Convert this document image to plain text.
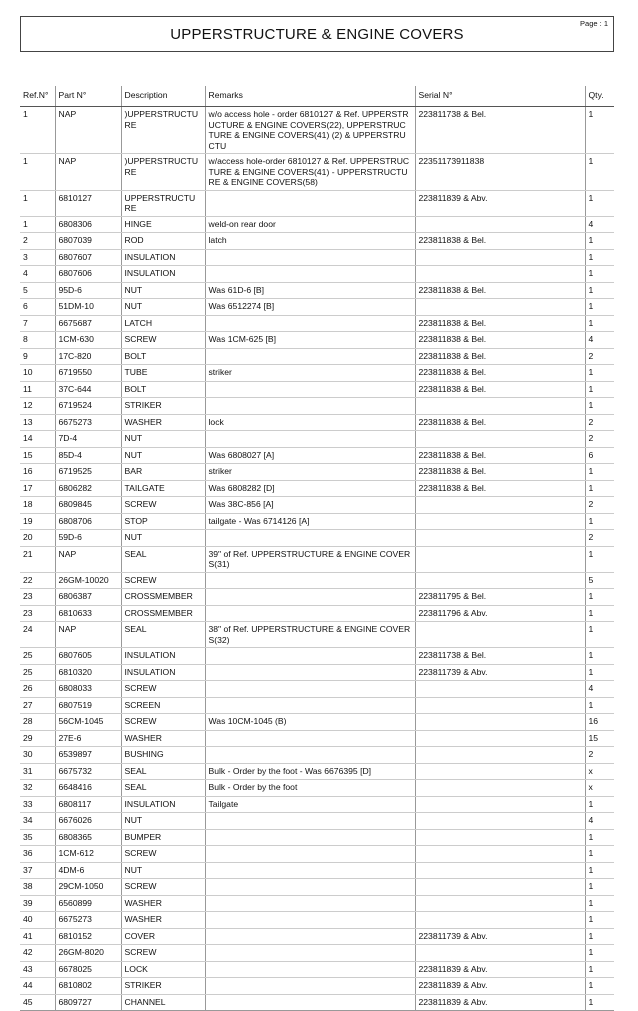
Page : 1
UPPERSTRUCTURE & ENGINE COVERS
Ref.N°	Part N°	Description	Remarks	Serial N°	Qty.
1	NAP	)UPPERSTRUCTURE	w/o access hole - order 6810127 & Ref. UPPERSTRUCTURE & ENGINE COVERS(22), UPPERSTRUCTURE & ENGINE COVERS(41) (2) & UPPERSTRUCTU	223811738 & Bel.	1
1	NAP	)UPPERSTRUCTURE	w/access hole-order 6810127 & Ref. UPPERSTRUCTURE & ENGINE COVERS(41) - UPPERSTRUCTURE & ENGINE COVERS(58)	22351173911838	1
1	6810127	UPPERSTRUCTURE		223811839 & Abv.	1
1	6808306	HINGE	weld-on rear door		4
2	6807039	ROD	latch	223811838 & Bel.	1
3	6807607	INSULATION			1
4	6807606	INSULATION			1
5	95D-6	NUT	Was 61D-6 [B]	223811838 & Bel.	1
6	51DM-10	NUT	Was 6512274 [B]		1
7	6675687	LATCH		223811838 & Bel.	1
8	1CM-630	SCREW	Was 1CM-625 [B]	223811838 & Bel.	4
9	17C-820	BOLT		223811838 & Bel.	2
10	6719550	TUBE	striker	223811838 & Bel.	1
11	37C-644	BOLT		223811838 & Bel.	1
12	6719524	STRIKER			1
13	6675273	WASHER	lock	223811838 & Bel.	2
14	7D-4	NUT			2
15	85D-4	NUT	Was 6808027 [A]	223811838 & Bel.	6
16	6719525	BAR	striker	223811838 & Bel.	1
17	6806282	TAILGATE	Was 6808282 [D]	223811838 & Bel.	1
18	6809845	SCREW	Was 38C-856 [A]		2
19	6808706	STOP	tailgate - Was 6714126 [A]		1
20	59D-6	NUT			2
21	NAP	SEAL	39" of Ref. UPPERSTRUCTURE & ENGINE COVERS(31)		1
22	26GM-10020	SCREW			5
23	6806387	CROSSMEMBER		223811795 & Bel.	1
23	6810633	CROSSMEMBER		223811796 & Abv.	1
24	NAP	SEAL	38" of Ref. UPPERSTRUCTURE & ENGINE COVERS(32)		1
25	6807605	INSULATION		223811738 & Bel.	1
25	6810320	INSULATION		223811739 & Abv.	1
26	6808033	SCREW			4
27	6807519	SCREEN			1
28	56CM-1045	SCREW	Was 10CM-1045 (B)		16
29	27E-6	WASHER			15
30	6539897	BUSHING			2
31	6675732	SEAL	Bulk - Order by the foot - Was 6676395 [D]		x
32	6648416	SEAL	Bulk - Order by the foot		x
33	6808117	INSULATION	Tailgate		1
34	6676026	NUT			4
35	6808365	BUMPER			1
36	1CM-612	SCREW			1
37	4DM-6	NUT			1
38	29CM-1050	SCREW			1
39	6560899	WASHER			1
40	6675273	WASHER			1
41	6810152	COVER		223811739 & Abv.	1
42	26GM-8020	SCREW			1
43	6678025	LOCK		223811839 & Abv.	1
44	6810802	STRIKER		223811839 & Abv.	1
45	6809727	CHANNEL		223811839 & Abv.	1
